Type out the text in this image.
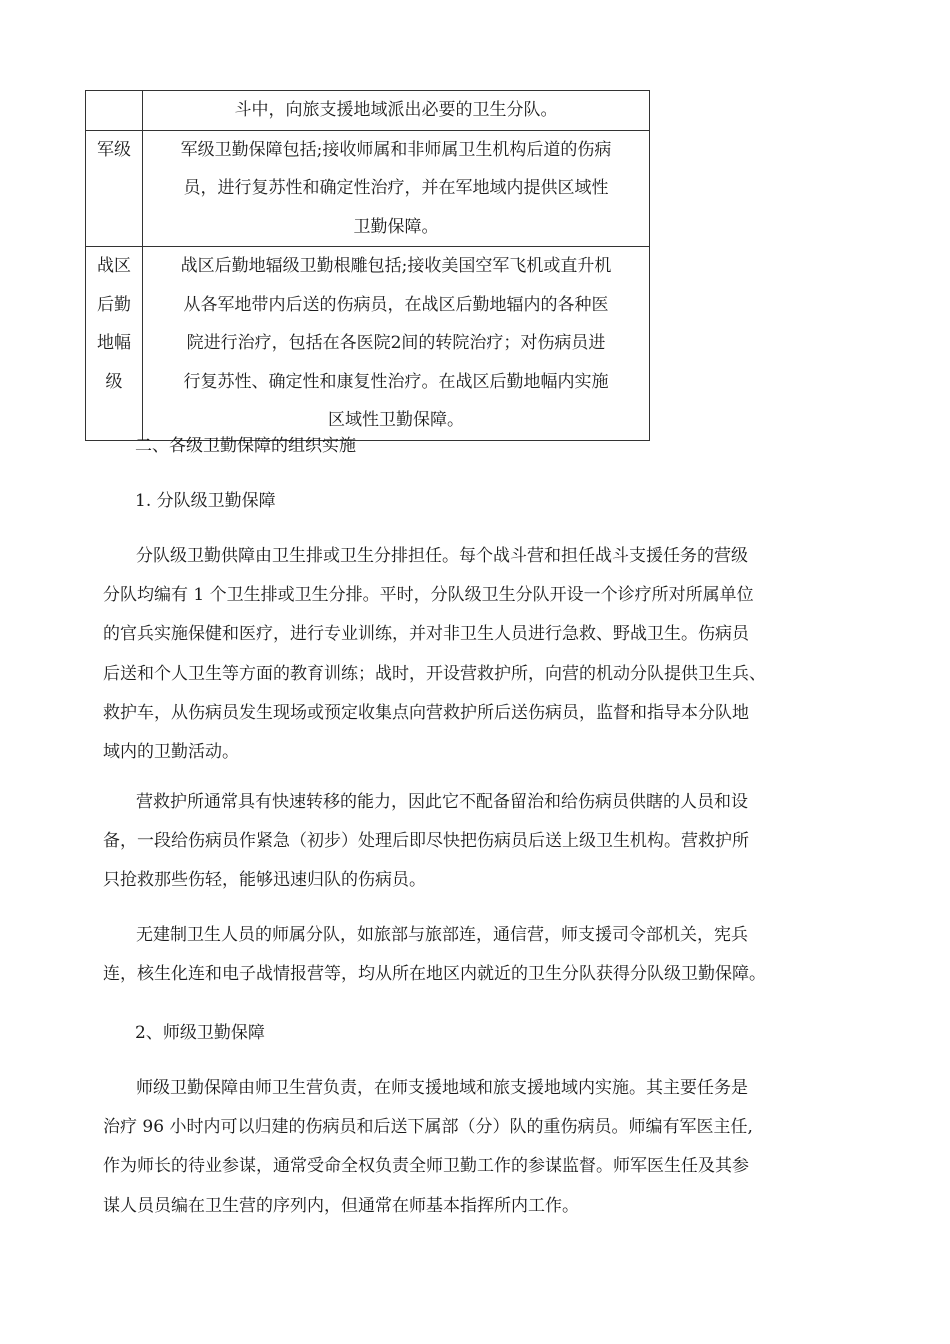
	斗中，向旅支援地域派出必要的卫生分队。

军级	军级卫勤保障包括;接收师属和非师属卫生机构后道的伤病
员，进行复苏性和确定性治疗，并在军地域内提供区域性
卫勤保障。

战区
后勤
地幅
级	战区后勤地辐级卫勤根雕包括;接收美国空军飞机或直升机
从各军地带内后送的伤病员，在战区后勤地辐内的各种医
院进行治疗，包括在各医院2间的转院治疗；对伤病员进
行复苏性、确定性和康复性治疗。在战区后勤地幅内实施
区域性卫勤保障。
二、各级卫勤保障的组织实施
1. 分队级卫勤保障
分队级卫勤供障由卫生排或卫生分排担任。每个战斗营和担任战斗支援任务的营级
分队均编有 1 个卫生排或卫生分排。平时，分队级卫生分队开设一个诊疗所对所属单位
的官兵实施保健和医疗，进行专业训练，并对非卫生人员进行急救、野战卫生。伤病员
后送和个人卫生等方面的教育训练；战时，开设营救护所，向营的机动分队提供卫生兵、
救护车，从伤病员发生现场或预定收集点向营救护所后送伤病员，监督和指导本分队地
域内的卫勤活动。
营救护所通常具有快速转移的能力，因此它不配备留治和给伤病员供瞎的人员和设
备，一段给伤病员作紧急（初步）处理后即尽快把伤病员后送上级卫生机构。营救护所
只抢救那些伤轻，能够迅速归队的伤病员。
无建制卫生人员的师属分队，如旅部与旅部连，通信营，师支援司令部机关，宪兵
连，核生化连和电子战情报营等，均从所在地区内就近的卫生分队获得分队级卫勤保障。
2、师级卫勤保障
师级卫勤保障由师卫生营负责，在师支援地域和旅支援地域内实施。其主要任务是
治疗 96 小时内可以归建的伤病员和后送下属部（分）队的重伤病员。师编有军医主任,
作为师长的待业参谋，通常受命全权负责全师卫勤工作的参谋监督。师军医生任及其参
谋人员员编在卫生营的序列内，但通常在师基本指挥所内工作。
